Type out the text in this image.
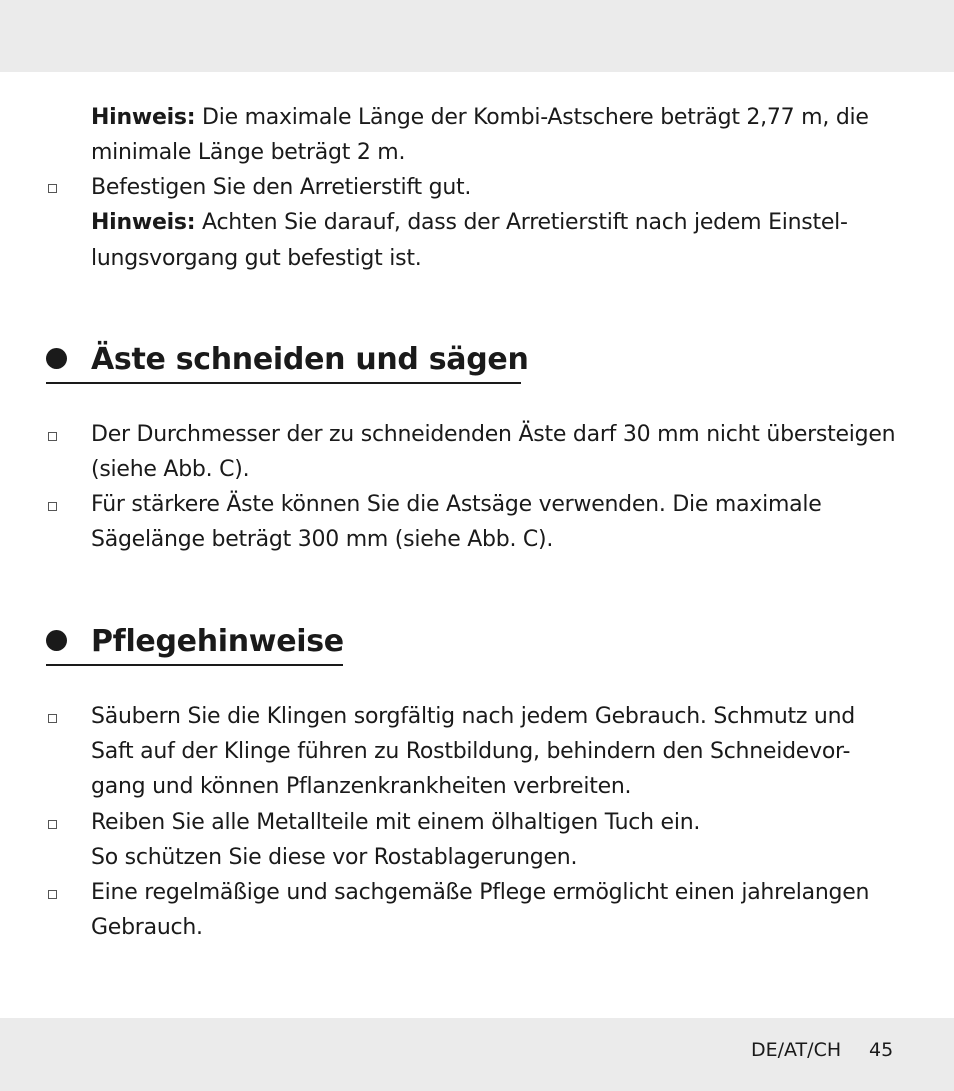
Hinweis: Die maximale Länge der Kombi-Astschere beträgt 2,77 m, die
minimale Länge beträgt 2 m.
Befestigen Sie den Arretierstift gut.
Hinweis: Achten Sie darauf, dass der Arretierstift nach jedem Einstel-
lungsvorgang gut befestigt ist.
Äste schneiden und sägen
Der Durchmesser der zu schneidenden Äste darf 30 mm nicht übersteigen
(siehe Abb. C).
Für stärkere Äste können Sie die Astsäge verwenden. Die maximale
Sägelänge beträgt 300 mm (siehe Abb. C).
Pflegehinweise
Säubern Sie die Klingen sorgfältig nach jedem Gebrauch. Schmutz und
Saft auf der Klinge führen zu Rostbildung, behindern den Schneidevor-
gang und können Pflanzenkrankheiten verbreiten.
Reiben Sie alle Metallteile mit einem ölhaltigen Tuch ein.
So schützen Sie diese vor Rostablagerungen.
Eine regelmäßige und sachgemäße Pflege ermöglicht einen jahrelangen
Gebrauch.
DE/AT/CH 45
